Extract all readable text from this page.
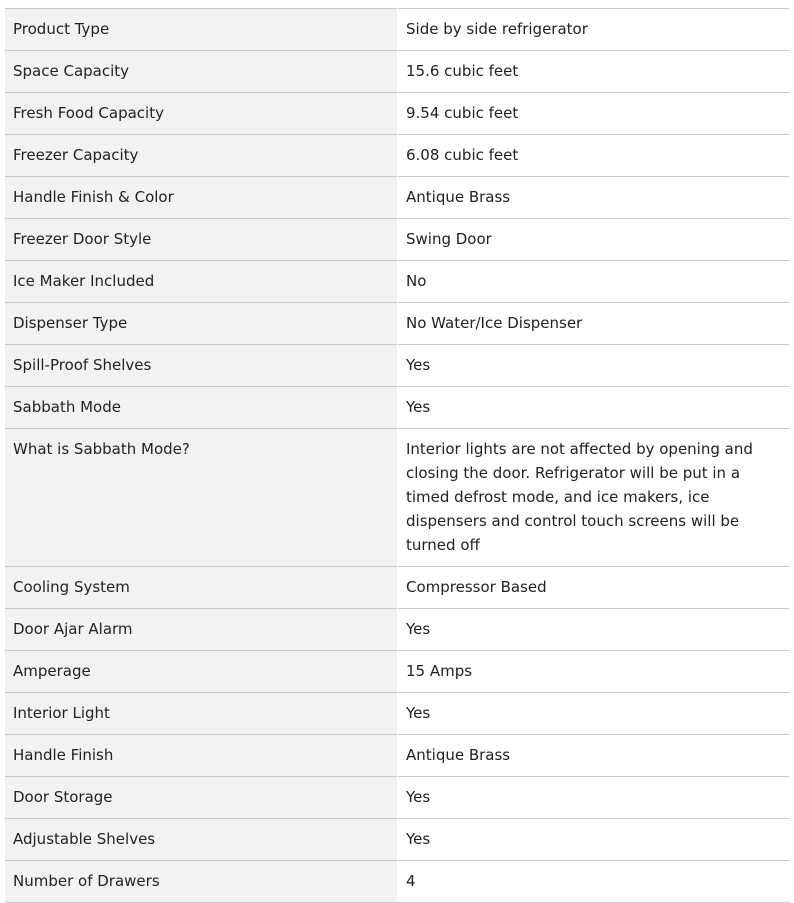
Product Type	Side by side refrigerator
Space Capacity	15.6 cubic feet
Fresh Food Capacity	9.54 cubic feet
Freezer Capacity	6.08 cubic feet
Handle Finish & Color	Antique Brass
Freezer Door Style	Swing Door
Ice Maker Included	No
Dispenser Type	No Water/Ice Dispenser
Spill-Proof Shelves	Yes
Sabbath Mode	Yes
What is Sabbath Mode?	Interior lights are not affected by opening and closing the door. Refrigerator will be put in a timed defrost mode, and ice makers, ice dispensers and control touch screens will be turned off
Cooling System	Compressor Based
Door Ajar Alarm	Yes
Amperage	15 Amps
Interior Light	Yes
Handle Finish	Antique Brass
Door Storage	Yes
Adjustable Shelves	Yes
Number of Drawers	4
